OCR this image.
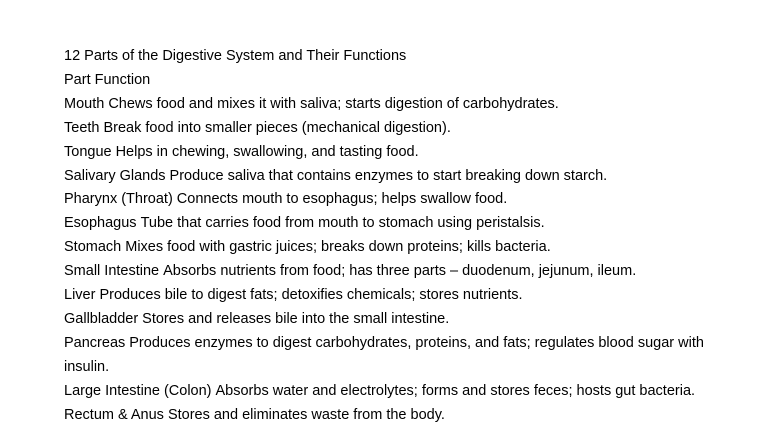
12 Parts of the Digestive System and Their Functions
Part Function
Mouth Chews food and mixes it with saliva; starts digestion of carbohydrates.
Teeth Break food into smaller pieces (mechanical digestion).
Tongue Helps in chewing, swallowing, and tasting food.
Salivary Glands Produce saliva that contains enzymes to start breaking down starch.
Pharynx (Throat) Connects mouth to esophagus; helps swallow food.
Esophagus Tube that carries food from mouth to stomach using peristalsis.
Stomach Mixes food with gastric juices; breaks down proteins; kills bacteria.
Small Intestine Absorbs nutrients from food; has three parts – duodenum, jejunum, ileum.
Liver Produces bile to digest fats; detoxifies chemicals; stores nutrients.
Gallbladder Stores and releases bile into the small intestine.
Pancreas Produces enzymes to digest carbohydrates, proteins, and fats; regulates blood sugar with insulin.
Large Intestine (Colon) Absorbs water and electrolytes; forms and stores feces; hosts gut bacteria.
Rectum & Anus Stores and eliminates waste from the body.
